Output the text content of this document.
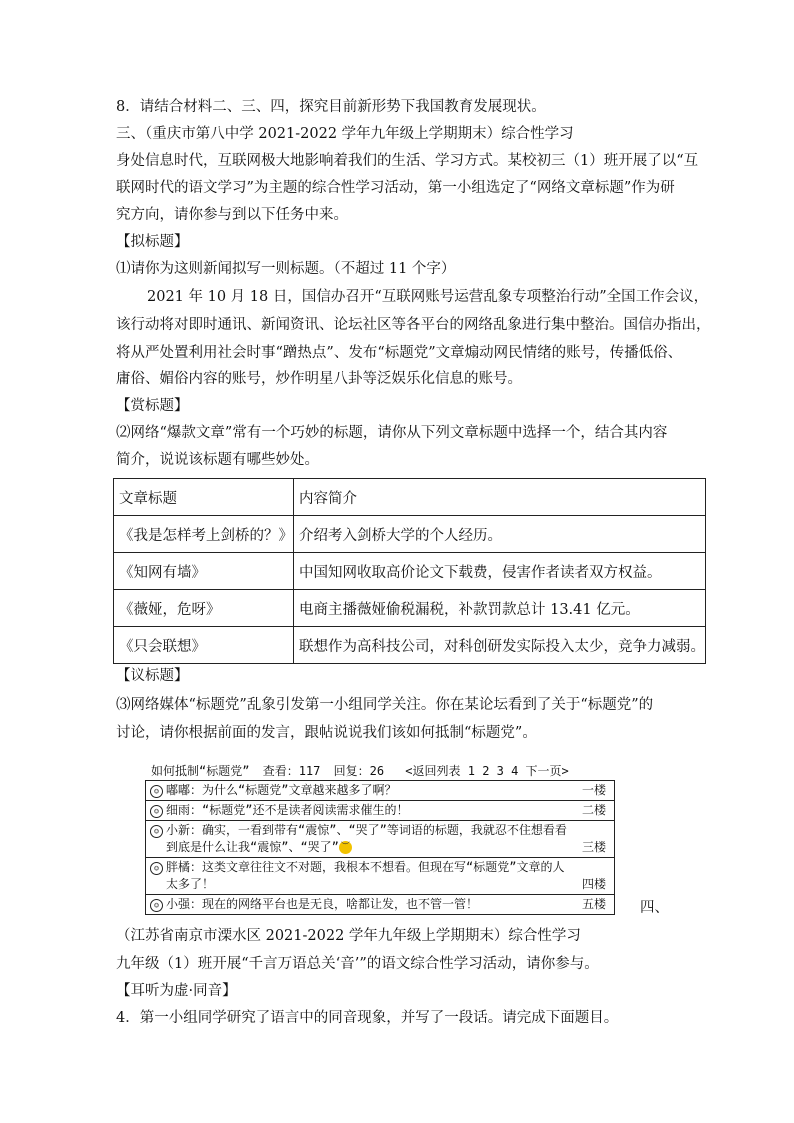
8．请结合材料二、三、四，探究目前新形势下我国教育发展现状。
三、（重庆市第八中学 2021-2022 学年九年级上学期期末）综合性学习
身处信息时代，互联网极大地影响着我们的生活、学习方式。某校初三（1）班开展了以“互
联网时代的语文学习”为主题的综合性学习活动，第一小组选定了“网络文章标题”作为研
究方向，请你参与到以下任务中来。
【拟标题】
⑴请你为这则新闻拟写一则标题。（不超过 11 个字）
2021 年 10 月 18 日，国信办召开“互联网账号运营乱象专项整治行动”全国工作会议，
该行动将对即时通讯、新闻资讯、论坛社区等各平台的网络乱象进行集中整治。国信办指出，
将从严处置利用社会时事“蹭热点”、发布“标题党”文章煽动网民情绪的账号，传播低俗、
庸俗、媚俗内容的账号，炒作明星八卦等泛娱乐化信息的账号。
【赏标题】
⑵网络“爆款文章”常有一个巧妙的标题，请你从下列文章标题中选择一个，结合其内容
简介，说说该标题有哪些妙处。
文章标题	内容简介
《我是怎样考上剑桥的？》	介绍考入剑桥大学的个人经历。
《知网有墙》	中国知网收取高价论文下载费，侵害作者读者双方权益。
《薇娅，危呀》	电商主播薇娅偷税漏税，补款罚款总计 13.41 亿元。
《只会联想》	联想作为高科技公司，对科创研发实际投入太少，竞争力减弱。
【议标题】
⑶网络媒体“标题党”乱象引发第一小组同学关注。你在某论坛看到了关于“标题党”的
讨论，请你根据前面的发言，跟帖说说我们该如何抵制“标题党”。
如何抵制“标题党” 查看：117 回复：26 <返回列表 1 2 3 4 下一页>
☺ 嘟嘟：为什么“标题党”文章越来越多了啊？	一楼
☺ 细雨：“标题党”还不是读者阅读需求催生的！	二楼
☺ 小新：确实，一看到带有“震惊”、“哭了”等词语的标题，我就忍不住想看看到底是什么让我“震惊”、“哭了” ︶	三楼
☺ 胖橘：这类文章往往文不对题，我根本不想看。但现在写“标题党”文章的人太多了！	四楼
☺ 小强：现在的网络平台也是无良，啥都让发，也不管一管！	五楼 四、
（江苏省南京市溧水区 2021-2022 学年九年级上学期期末）综合性学习
九年级（1）班开展“千言万语总关‘音’”的语文综合性学习活动，请你参与。
【耳听为虚·同音】
4．第一小组同学研究了语言中的同音现象，并写了一段话。请完成下面题目。
